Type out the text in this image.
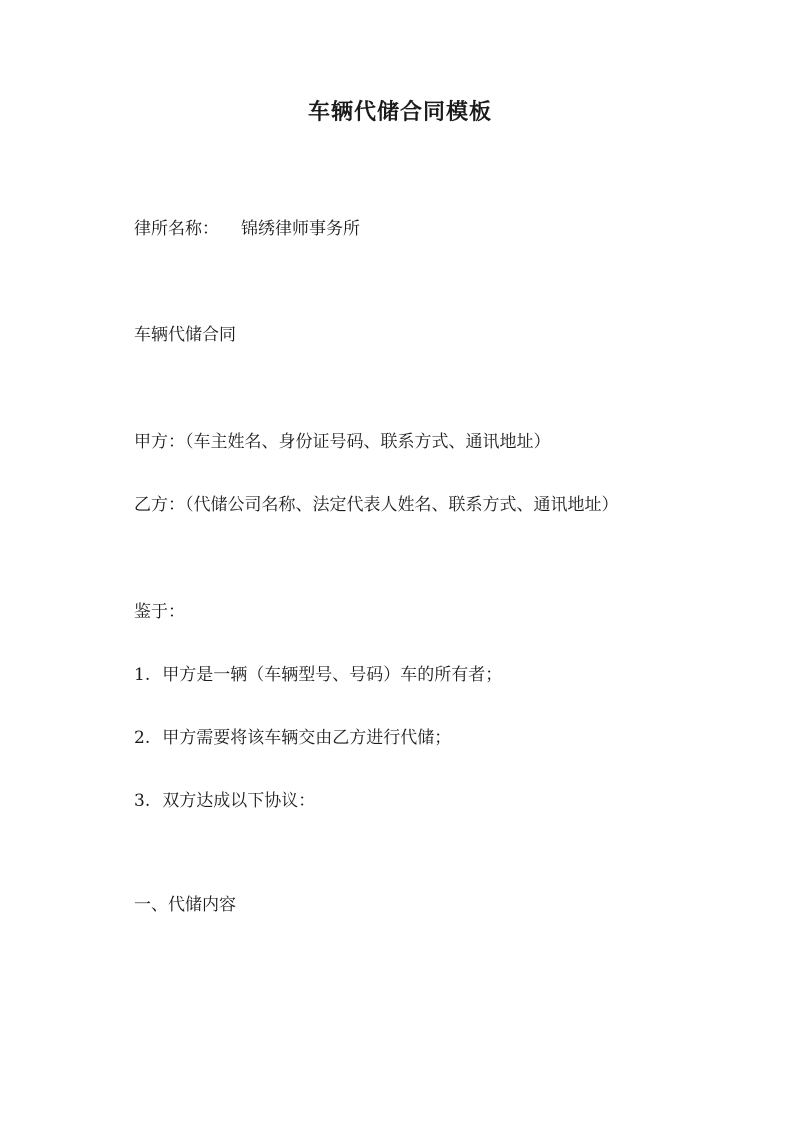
车辆代储合同模板
律所名称： 锦绣律师事务所
车辆代储合同
甲方：（车主姓名、身份证号码、联系方式、通讯地址）
乙方：（代储公司名称、法定代表人姓名、联系方式、通讯地址）
鉴于：
1. 甲方是一辆（车辆型号、号码）车的所有者；
2. 甲方需要将该车辆交由乙方进行代储；
3. 双方达成以下协议：
一、代储内容
